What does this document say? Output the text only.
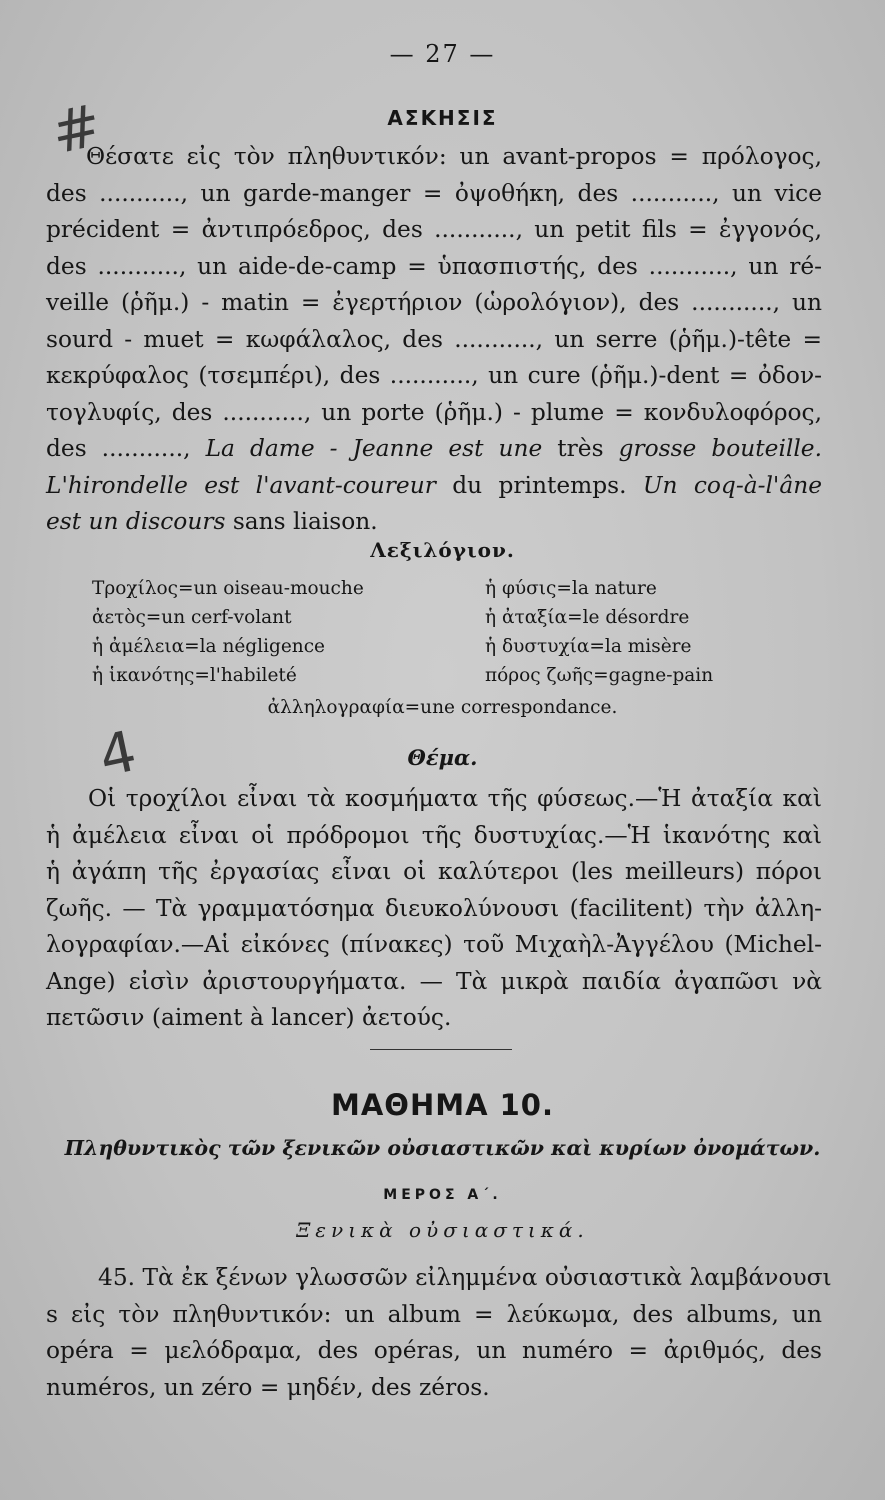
— 27 —
#
4
ΑΣΚΗΣΙΣ
Θέσατε εἰς τὸν πληθυντικόν: un avant-propos = πρόλογος,
des ..........., un garde-manger = ὀψοθήκη, des ..........., un vice
précident = ἀντιπρόεδρος, des ..........., un petit fils = ἐγγονός,
des ..........., un aide-de-camp = ὑπασπιστής, des ..........., un ré-
veille (ῥῆμ.) - matin = ἐγερτήριον (ὡρολόγιον), des ..........., un
sourd - muet = κωφάλαλος, des ..........., un serre (ῥῆμ.)-tête =
κεκρύφαλος (τσεμπέρι), des ..........., un cure (ῥῆμ.)-dent = ὀδον-
τογλυφίς, des ..........., un porte (ῥῆμ.) - plume = κονδυλοφόρος,
des ..........., La dame - Jeanne est une très grosse bouteille.
L'hirondelle est l'avant-coureur du printemps. Un coq-à-l'âne
est un discours sans liaison.
Λεξιλόγιον.
Τροχίλος=un oiseau-mouche	ἡ φύσις=la nature
ἀετὸς=un cerf-volant	ἡ ἀταξία=le désordre
ἡ ἀμέλεια=la négligence	ἡ δυστυχία=la misère
ἡ ἱκανότης=l'habileté	πόρος ζωῆς=gagne-pain
ἀλληλογραφία=une correspondance.
Θέμα.
Οἱ τροχίλοι εἶναι τὰ κοσμήματα τῆς φύσεως.—Ἡ ἀταξία καὶ
ἡ ἀμέλεια εἶναι οἱ πρόδρομοι τῆς δυστυχίας.—Ἡ ἱκανότης καὶ
ἡ ἀγάπη τῆς ἐργασίας εἶναι οἱ καλύτεροι (les meilleurs) πόροι
ζωῆς. — Τὰ γραμματόσημα διευκολύνουσι (facilitent) τὴν ἀλλη-
λογραφίαν.—Αἱ εἰκόνες (πίνακες) τοῦ Μιχαὴλ-Ἀγγέλου (Michel-
Ange) εἰσὶν ἀριστουργήματα. — Τὰ μικρὰ παιδία ἀγαπῶσι νὰ
πετῶσιν (aiment à lancer) ἀετούς.
ΜΑΘΗΜΑ 10.
Πληθυντικὸς τῶν ξενικῶν οὐσιαστικῶν καὶ κυρίων ὀνομάτων.
ΜΕΡΟΣ Α΄.
Ξενικὰ οὐσιαστικά.
45. Τὰ ἐκ ξένων γλωσσῶν εἰλημμένα οὐσιαστικὰ λαμβάνουσι
s εἰς τὸν πληθυντικόν: un album = λεύκωμα, des albums, un
opéra = μελόδραμα, des opéras, un numéro = ἀριθμός, des
numéros, un zéro = μηδέν, des zéros.
